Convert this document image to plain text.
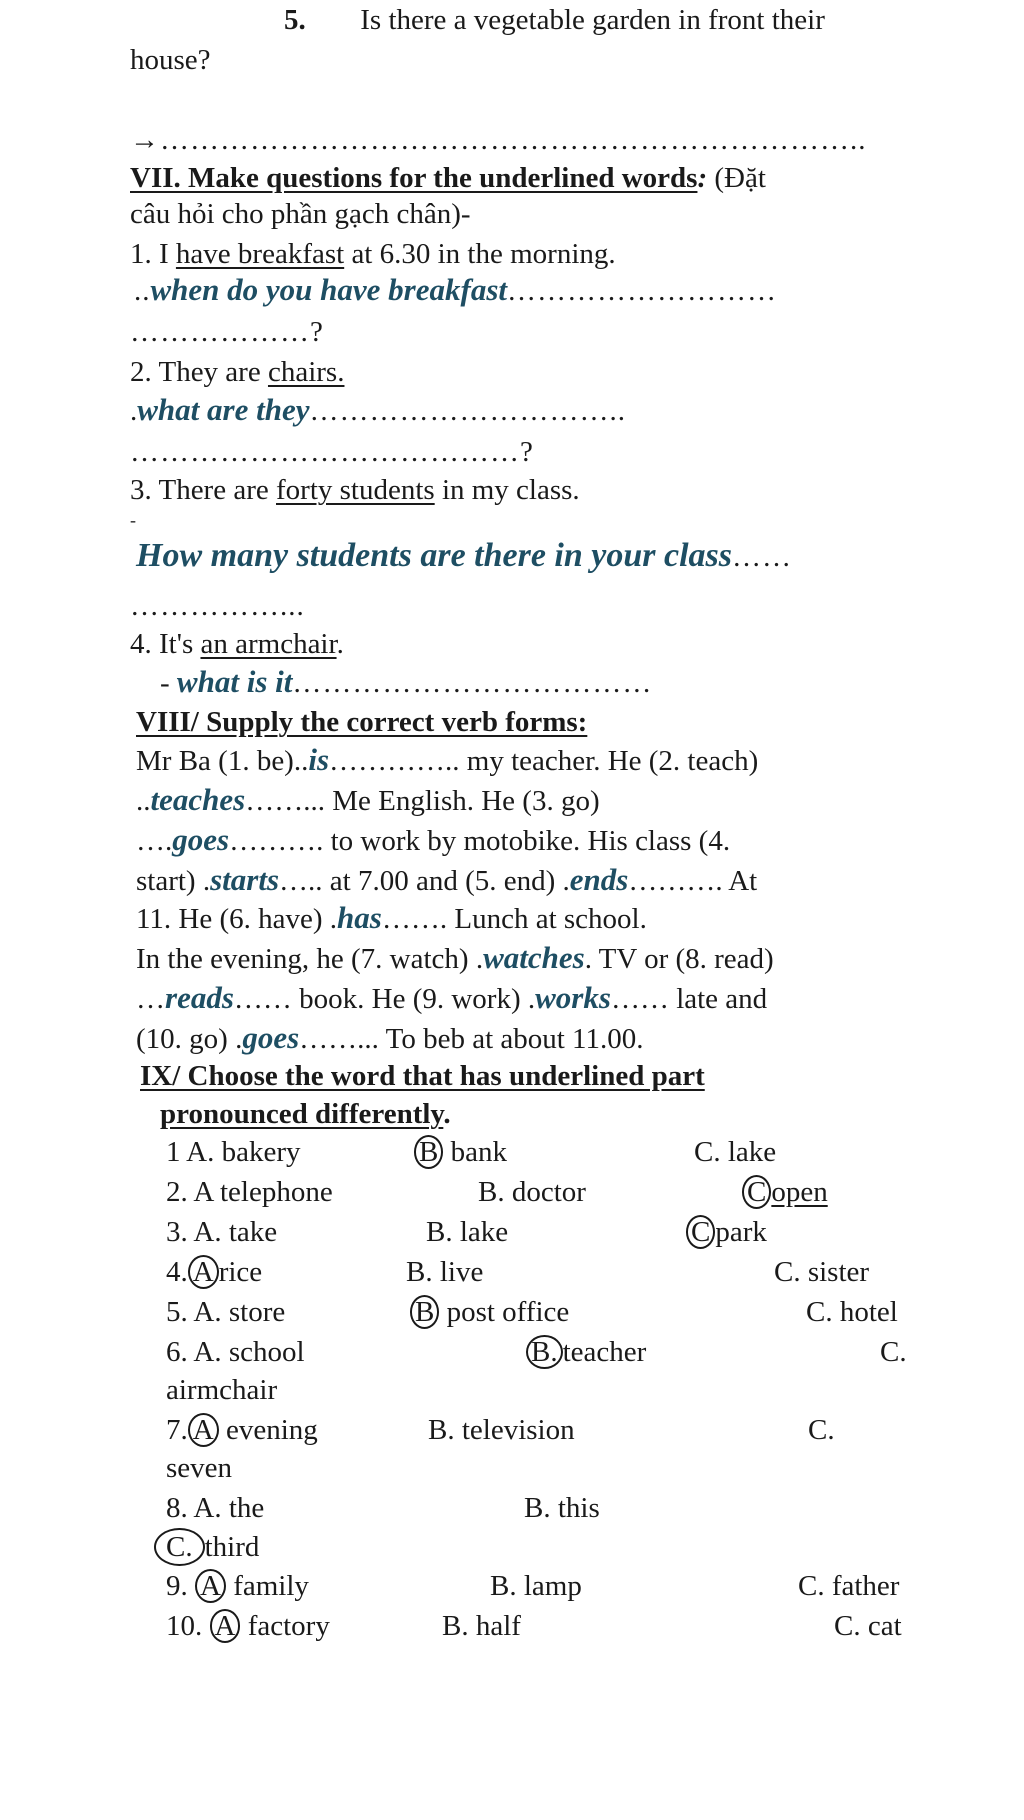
5. Is there a vegetable garden in front their
house?
→……………………………………………………………..
VII. Make questions for the underlined words: (Đặt
câu hỏi cho phần gạch chân)-
1. I have breakfast at 6.30 in the morning.
..when do you have breakfast………………………
………………?
2. They are chairs.
.what are they…………………………..
…………………………………?
3. There are forty students in my class.
-
How many students are there in your class……
……………...
4. It's an armchair.
- what is it………………………………
VIII/ Supply the correct verb forms:
Mr Ba (1. be)..is………….. my teacher. He (2. teach)
..teaches……... Me English. He (3. go)
….goes………. to work by motobike. His class (4.
start) .starts….. at 7.00 and (5. end) .ends………. At
11. He (6. have) .has……. Lunch at school.
In the evening, he (7. watch) .watches. TV or (8. read)
…reads…… book. He (9. work) .works…… late and
(10. go) .goes……... To beb at about 11.00.
IX/ Choose the word that has underlined part
pronounced differently.
1 A. bakery	B bank	C. lake
2. A telephone	B. doctor	C open
3. A. take	B. lake	C park
4. A rice	B. live	C. sister
5. A. store	B post office	C. hotel
6. A. school	B. teacher	C.
airmchair
7. A evening	B. television	C.
seven
8. A. the	B. this
C. third
9. A family	B. lamp	C. father
10. A factory	B. half	C. cat
